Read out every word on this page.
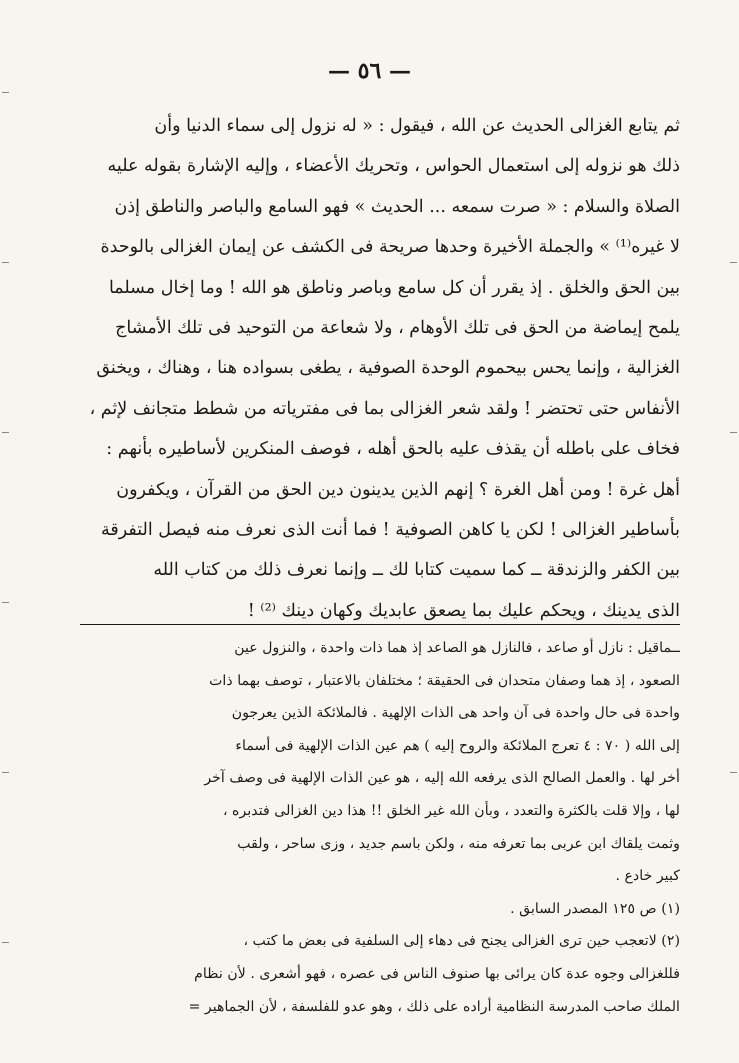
— ٥٦ —
ثم يتابع الغزالى الحديث عن الله ، فيقول : « له نزول إلى سماء الدنيا وأن
ذلك هو نزوله إلى استعمال الحواس ، وتحريك الأعضاء ، وإليه الإشارة بقوله عليه
الصلاة والسلام : « صرت سمعه ... الحديث » فهو السامع والباصر والناطق إذن
لا غيره⁽¹⁾ » والجملة الأخيرة وحدها صريحة فى الكشف عن إيمان الغزالى بالوحدة
بين الحق والخلق . إذ يقرر أن كل سامع وباصر وناطق هو الله ! وما إخال مسلما
يلمح إيماضة من الحق فى تلك الأوهام ، ولا شعاعة من التوحيد فى تلك الأمشاج
الغزالية ، وإنما يحس بيحموم الوحدة الصوفية ، يطغى بسواده هنا ، وهناك ، ويخنق
الأنفاس حتى تحتضر ! ولقد شعر الغزالى بما فى مفترياته من شطط متجانف لإثم ،
فخاف على باطله أن يقذف عليه بالحق أهله ، فوصف المنكرين لأساطيره بأنهم :
أهل غرة ! ومن أهل الغرة ؟ إنهم الذين يدينون دين الحق من القرآن ، ويكفرون
بأساطير الغزالى ! لكن يا كاهن الصوفية ! فما أنت الذى نعرف منه فيصل التفرقة
بين الكفر والزندقة ــ كما سميت كتابا لك ــ وإنما نعرف ذلك من كتاب الله
الذى يدينك ، ويحكم عليك بما يصعق عابديك وكهان دينك ⁽²⁾ !
ــماقيل : نازل أو صاعد ، فالنازل هو الصاعد إذ هما ذات واحدة ، والنزول عين
الصعود ، إذ هما وصفان متحدان فى الحقيقة ؛ مختلفان بالاعتبار ، توصف بهما ذات
واحدة فى حال واحدة فى آن واحد هى الذات الإلهية . فالملائكة الذين يعرجون
إلى الله ( ٧٠ : ٤ تعرج الملائكة والروح إليه ) هم عين الذات الإلهية فى أسماء
أخر لها . والعمل الصالح الذى يرفعه الله إليه ، هو عين الذات الإلهية فى وصف آخر
لها ، وإلا قلت بالكثرة والتعدد ، وبأن الله غير الخلق !! هذا دين الغزالى فتدبره ،
وثمت يلقاك ابن عربى بما تعرفه منه ، ولكن باسم جديد ، وزى ساحر ، ولقب
كبير خادع .
(١) ص ١٢٥ المصدر السابق .
(٢) لاتعجب حين ترى الغزالى يجنح فى دهاء إلى السلفية فى بعض ما كتب ،
فللغزالى وجوه عدة كان يرائى بها صنوف الناس فى عصره ، فهو أشعرى . لأن نظام
الملك صاحب المدرسة النظامية أراده على ذلك ، وهو عدو للفلسفة ، لأن الجماهير =
